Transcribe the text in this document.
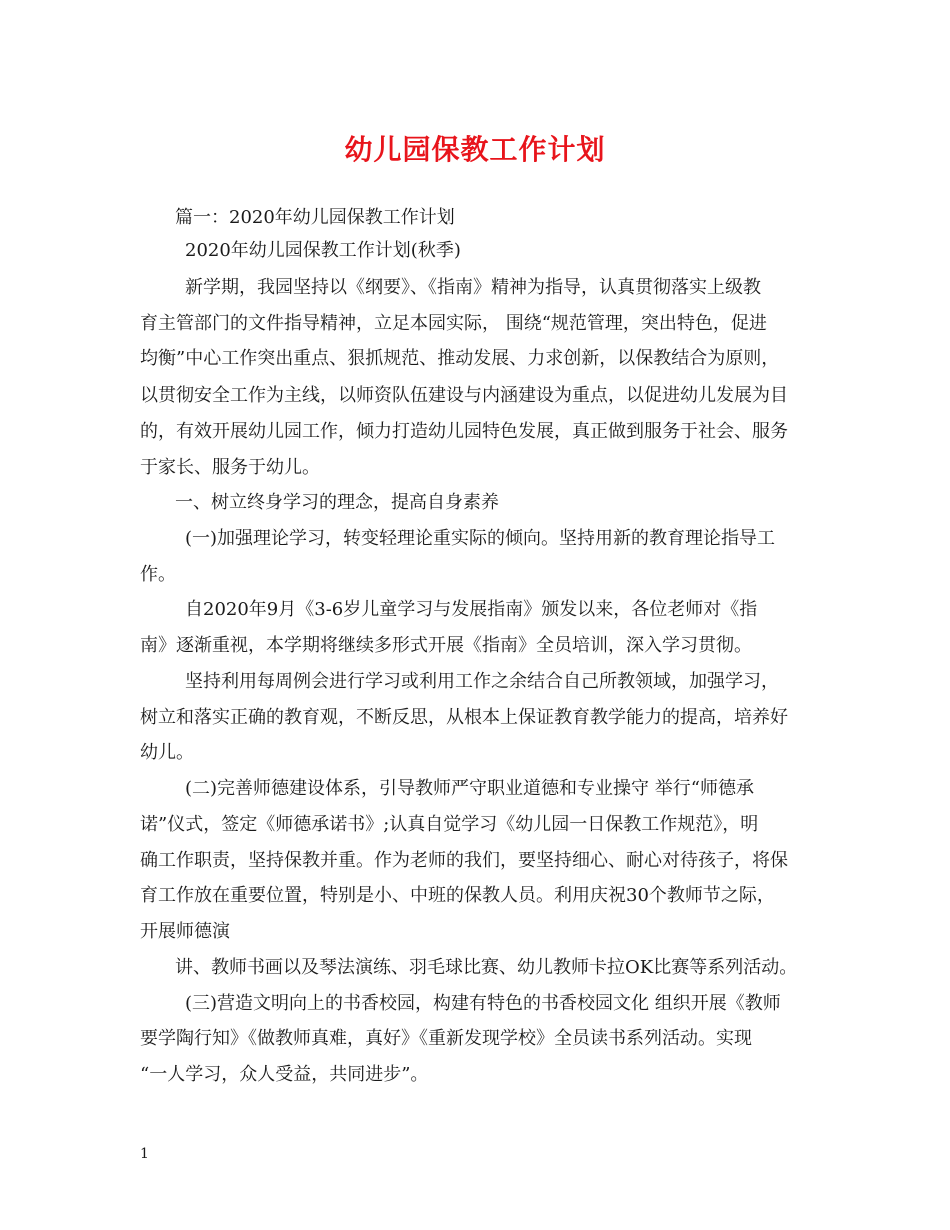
幼儿园保教工作计划
篇一：2020年幼儿园保教工作计划
2020年幼儿园保教工作计划(秋季)
新学期，我园坚持以《纲要》、《指南》精神为指导，认真贯彻落实上级教
育主管部门的文件指导精神，立足本园实际， 围绕“规范管理，突出特色，促进
均衡”中心工作突出重点、狠抓规范、推动发展、力求创新，以保教结合为原则，
以贯彻安全工作为主线，以师资队伍建设与内涵建设为重点，以促进幼儿发展为目
的，有效开展幼儿园工作，倾力打造幼儿园特色发展，真正做到服务于社会、服务
于家长、服务于幼儿。
一、树立终身学习的理念，提高自身素养
(一)加强理论学习，转变轻理论重实际的倾向。坚持用新的教育理论指导工
作。
自2020年9月《3-6岁儿童学习与发展指南》颁发以来，各位老师对《指
南》逐渐重视，本学期将继续多形式开展《指南》全员培训，深入学习贯彻。
坚持利用每周例会进行学习或利用工作之余结合自己所教领域，加强学习，
树立和落实正确的教育观，不断反思，从根本上保证教育教学能力的提高，培养好
幼儿。
(二)完善师德建设体系，引导教师严守职业道德和专业操守 举行“师德承
诺”仪式，签定《师德承诺书》;认真自觉学习《幼儿园一日保教工作规范》，明
确工作职责，坚持保教并重。作为老师的我们，要坚持细心、耐心对待孩子，将保
育工作放在重要位置，特别是小、中班的保教人员。利用庆祝30个教师节之际，
开展师德演
讲、教师书画以及琴法演练、羽毛球比赛、幼儿教师卡拉OK比赛等系列活动。
(三)营造文明向上的书香校园，构建有特色的书香校园文化 组织开展《教师
要学陶行知》《做教师真难，真好》《重新发现学校》全员读书系列活动。实现
“一人学习，众人受益，共同进步”。
1
